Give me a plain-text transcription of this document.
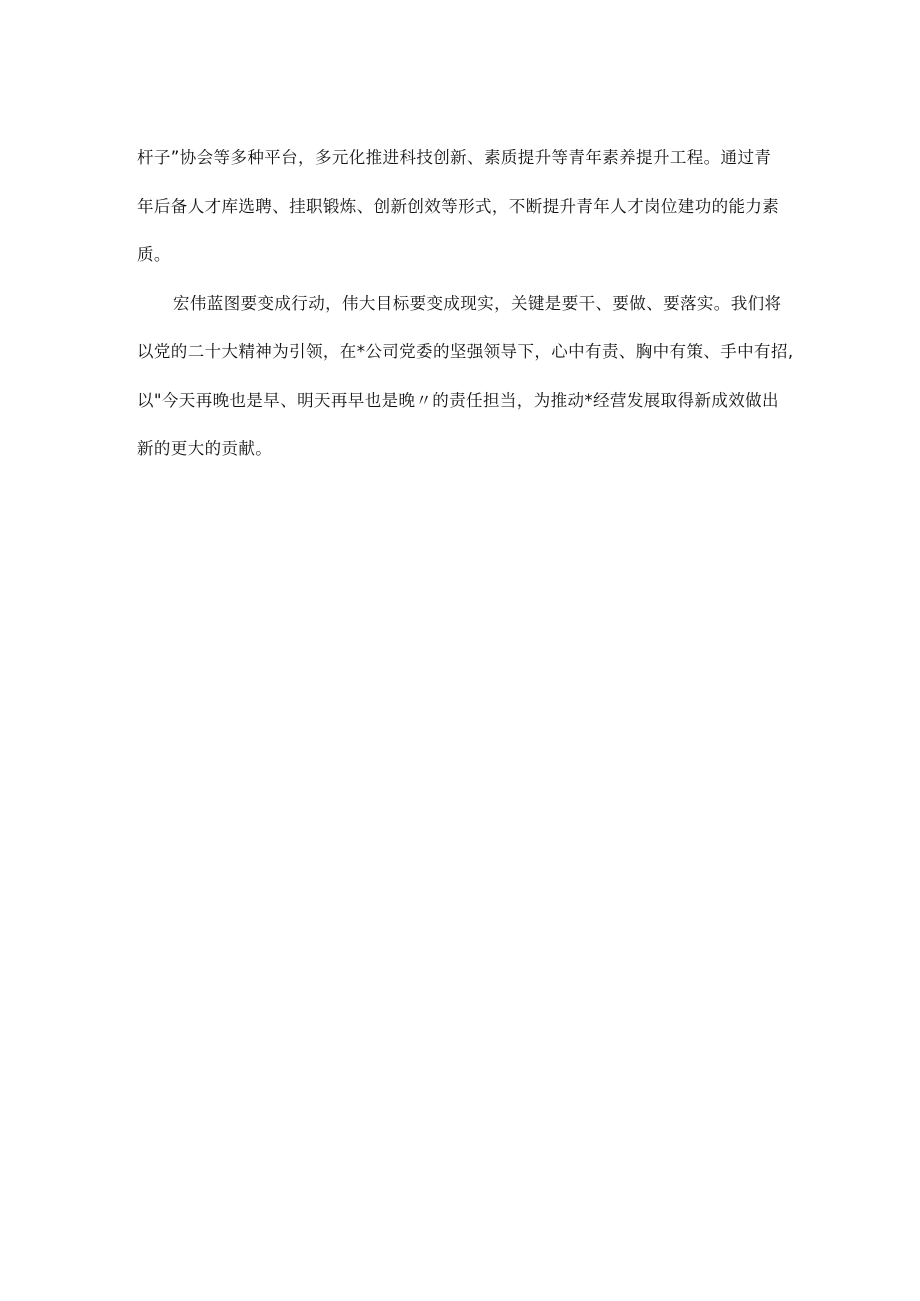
杆子”协会等多种平台，多元化推进科技创新、素质提升等青年素养提升工程。通过青
年后备人才库选聘、挂职锻炼、创新创效等形式，不断提升青年人才岗位建功的能力素
质。
宏伟蓝图要变成行动，伟大目标要变成现实，关键是要干、要做、要落实。我们将
以党的二十大精神为引领，在*公司党委的坚强领导下，心中有责、胸中有策、手中有招,
以"今天再晚也是早、明天再早也是晚〃的责任担当，为推动*经营发展取得新成效做出
新的更大的贡献。
